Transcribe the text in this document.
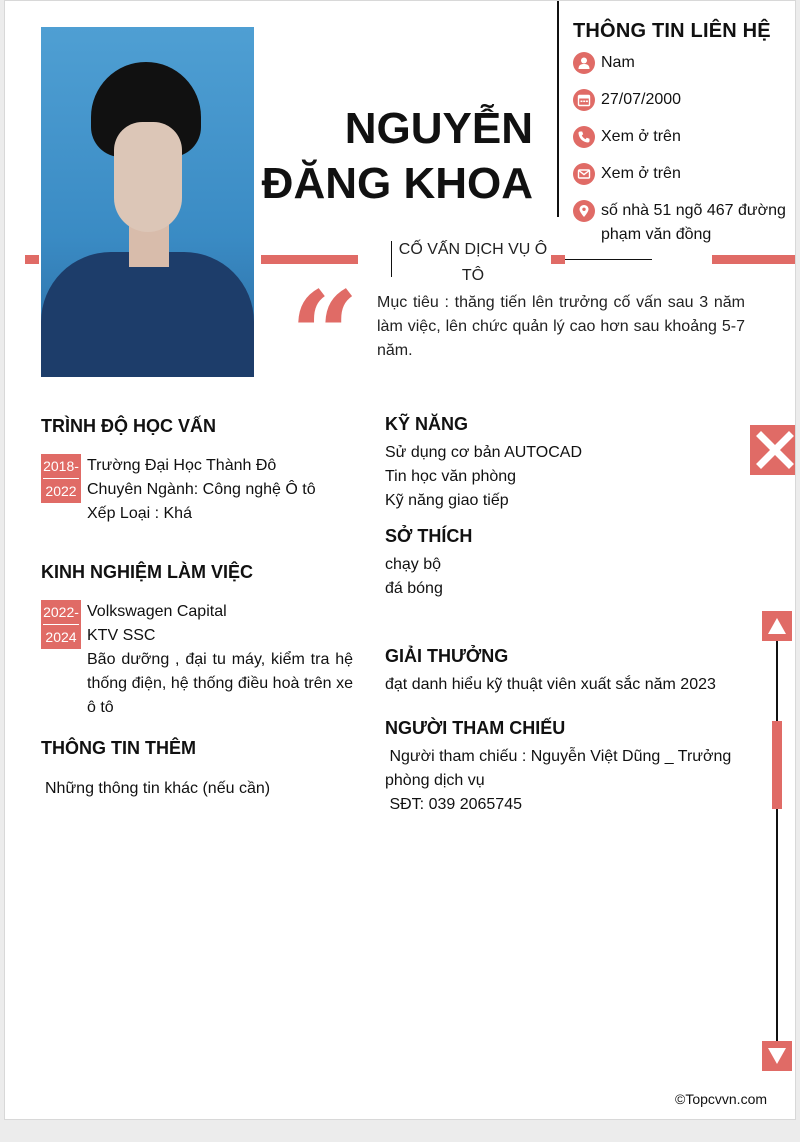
NGUYỄN
ĐĂNG KHOA
THÔNG TIN LIÊN HỆ
Nam
27/07/2000
Xem ở trên
Xem ở trên
số nhà 51 ngõ 467 đường phạm văn đồng
CỐ VẤN DỊCH VỤ Ô TÔ
“ Mục tiêu : thăng tiến lên trưởng cố vấn sau 3 năm làm việc, lên chức quản lý cao hơn sau khoảng 5-7 năm.
TRÌNH ĐỘ HỌC VẤN
2018-
2022
Trường Đại Học Thành Đô
Chuyên Ngành: Công nghệ Ô tô
Xếp Loại : Khá
KINH NGHIỆM LÀM VIỆC
2022-
2024
Volkswagen Capital
KTV SSC
Bão dưỡng , đại tu máy, kiểm tra hệ thống điện, hệ thống điều hoà trên xe ô tô
THÔNG TIN THÊM
Những thông tin khác (nếu cần)
KỸ NĂNG
Sử dụng cơ bản AUTOCAD
Tin học văn phòng
Kỹ năng giao tiếp
SỞ THÍCH
chạy bộ
đá bóng
GIẢI THƯỞNG
đạt danh hiểu kỹ thuật viên xuất sắc năm 2023
NGƯỜI THAM CHIẾU
Người tham chiếu : Nguyễn Việt Dũng _ Trưởng phòng dịch vụ
SĐT: 039 2065745
©Topcvvn.com
